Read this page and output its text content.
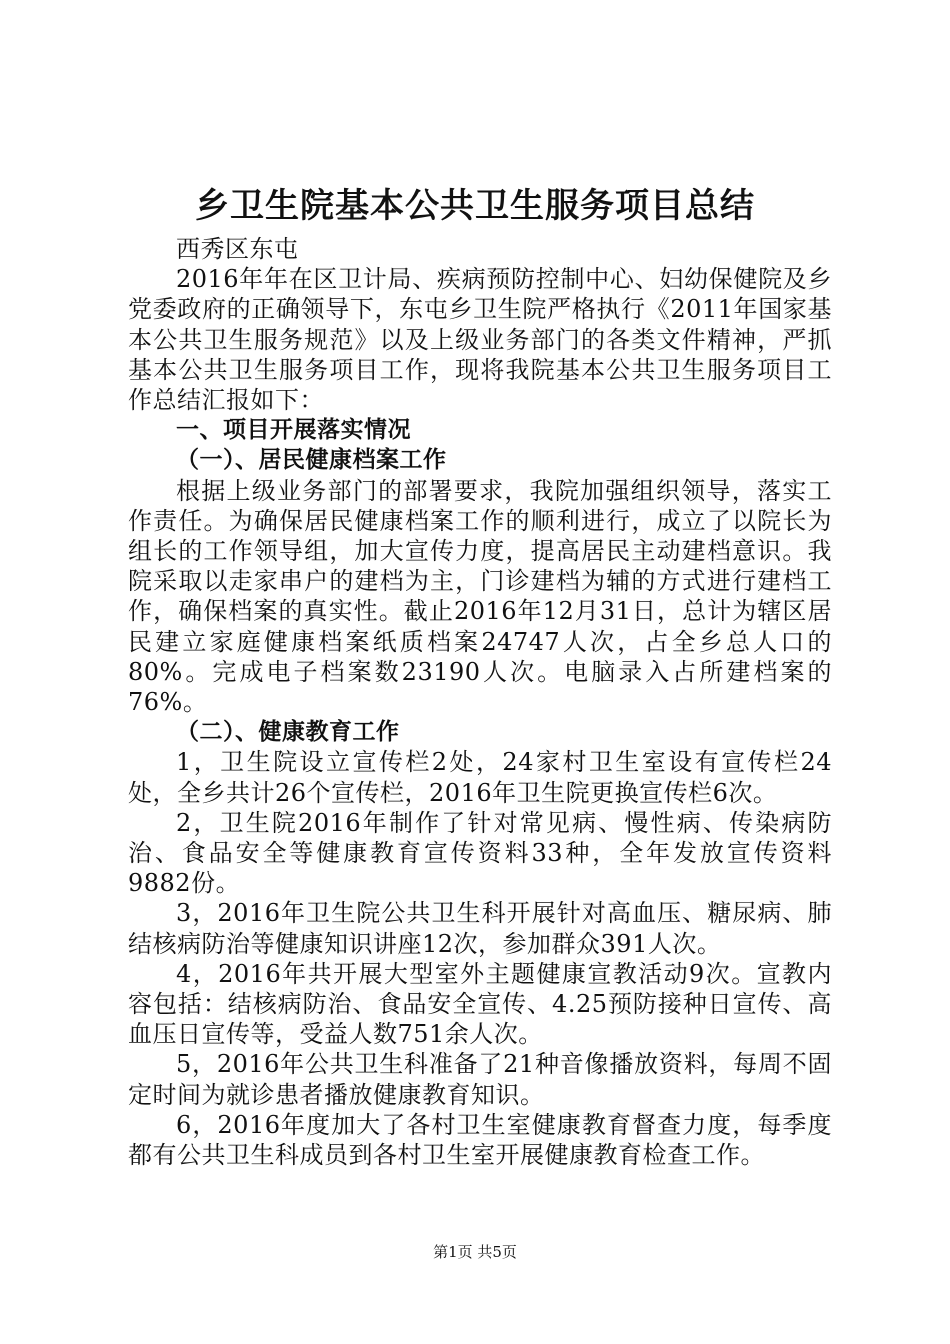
乡卫生院基本公共卫生服务项目总结

西秀区东屯

2016年年在区卫计局、疾病预防控制中心、妇幼保健院及乡党委政府的正确领导下，东屯乡卫生院严格执行《2011年国家基本公共卫生服务规范》以及上级业务部门的各类文件精神，严抓基本公共卫生服务项目工作，现将我院基本公共卫生服务项目工作总结汇报如下：

一、项目开展落实情况
（一）、居民健康档案工作

根据上级业务部门的部署要求，我院加强组织领导，落实工作责任。为确保居民健康档案工作的顺利进行，成立了以院长为组长的工作领导组，加大宣传力度，提高居民主动建档意识。我院采取以走家串户的建档为主，门诊建档为辅的方式进行建档工作，确保档案的真实性。截止2016年12月31日，总计为辖区居民建立家庭健康档案纸质档案24747人次，占全乡总人口的80%。完成电子档案数23190人次。电脑录入占所建档案的76%。

（二）、健康教育工作

1，卫生院设立宣传栏2处，24家村卫生室设有宣传栏24处，全乡共计26个宣传栏，2016年卫生院更换宣传栏6次。

2，卫生院2016年制作了针对常见病、慢性病、传染病防治、食品安全等健康教育宣传资料33种，全年发放宣传资料9882份。

3，2016年卫生院公共卫生科开展针对高血压、糖尿病、肺结核病防治等健康知识讲座12次，参加群众391人次。

4，2016年共开展大型室外主题健康宣教活动9次。宣教内容包括：结核病防治、食品安全宣传、4.25预防接种日宣传、高血压日宣传等，受益人数751余人次。

5，2016年公共卫生科准备了21种音像播放资料，每周不固定时间为就诊患者播放健康教育知识。

6，2016年度加大了各村卫生室健康教育督查力度，每季度都有公共卫生科成员到各村卫生室开展健康教育检查工作。

第1页 共5页
